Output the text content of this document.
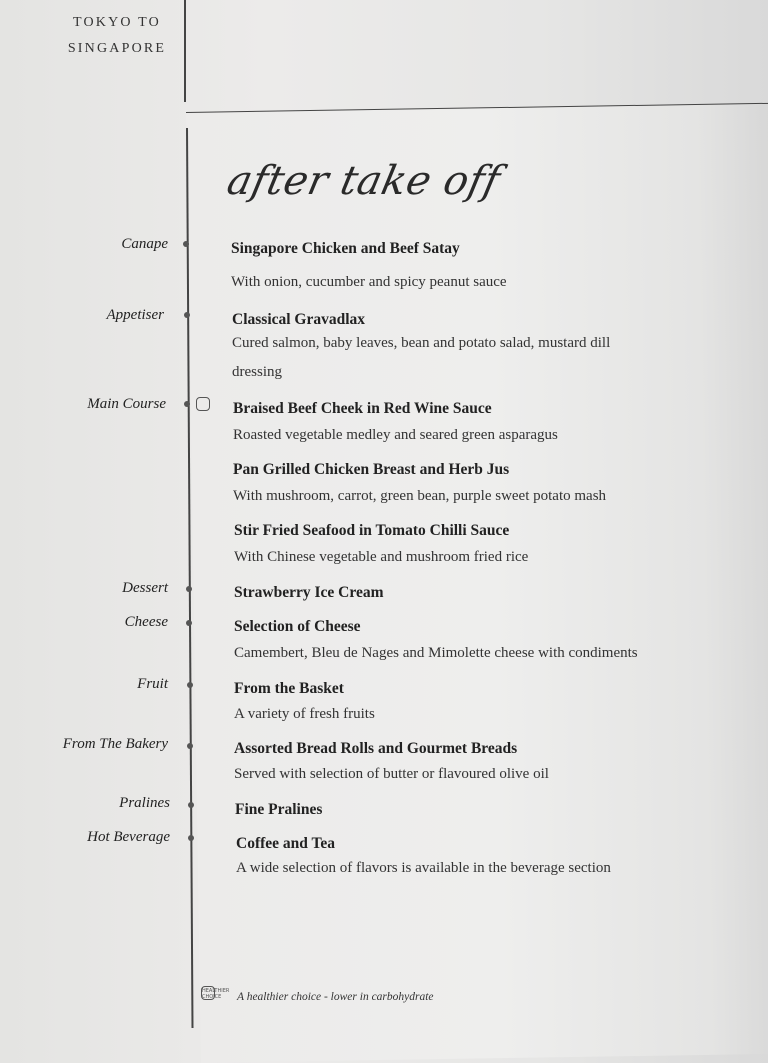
TOKYO TO
SINGAPORE
after take off
Canape	Singapore Chicken and Beef Satay
With onion, cucumber and spicy peanut sauce
Appetiser	Classical Gravadlax
Cured salmon, baby leaves, bean and potato salad, mustard dill dressing
Main Course	Braised Beef Cheek in Red Wine Sauce
Roasted vegetable medley and seared green asparagus
Pan Grilled Chicken Breast and Herb Jus
With mushroom, carrot, green bean, purple sweet potato mash
Stir Fried Seafood in Tomato Chilli Sauce
With Chinese vegetable and mushroom fried rice
Dessert	Strawberry Ice Cream
Cheese	Selection of Cheese
Camembert, Bleu de Nages and Mimolette cheese with condiments
Fruit	From the Basket
A variety of fresh fruits
From The Bakery	Assorted Bread Rolls and Gourmet Breads
Served with selection of butter or flavoured olive oil
Pralines	Fine Pralines
Hot Beverage	Coffee and Tea
A wide selection of flavors is available in the beverage section
HEALTHIER CHOICE A healthier choice - lower in carbohydrate
